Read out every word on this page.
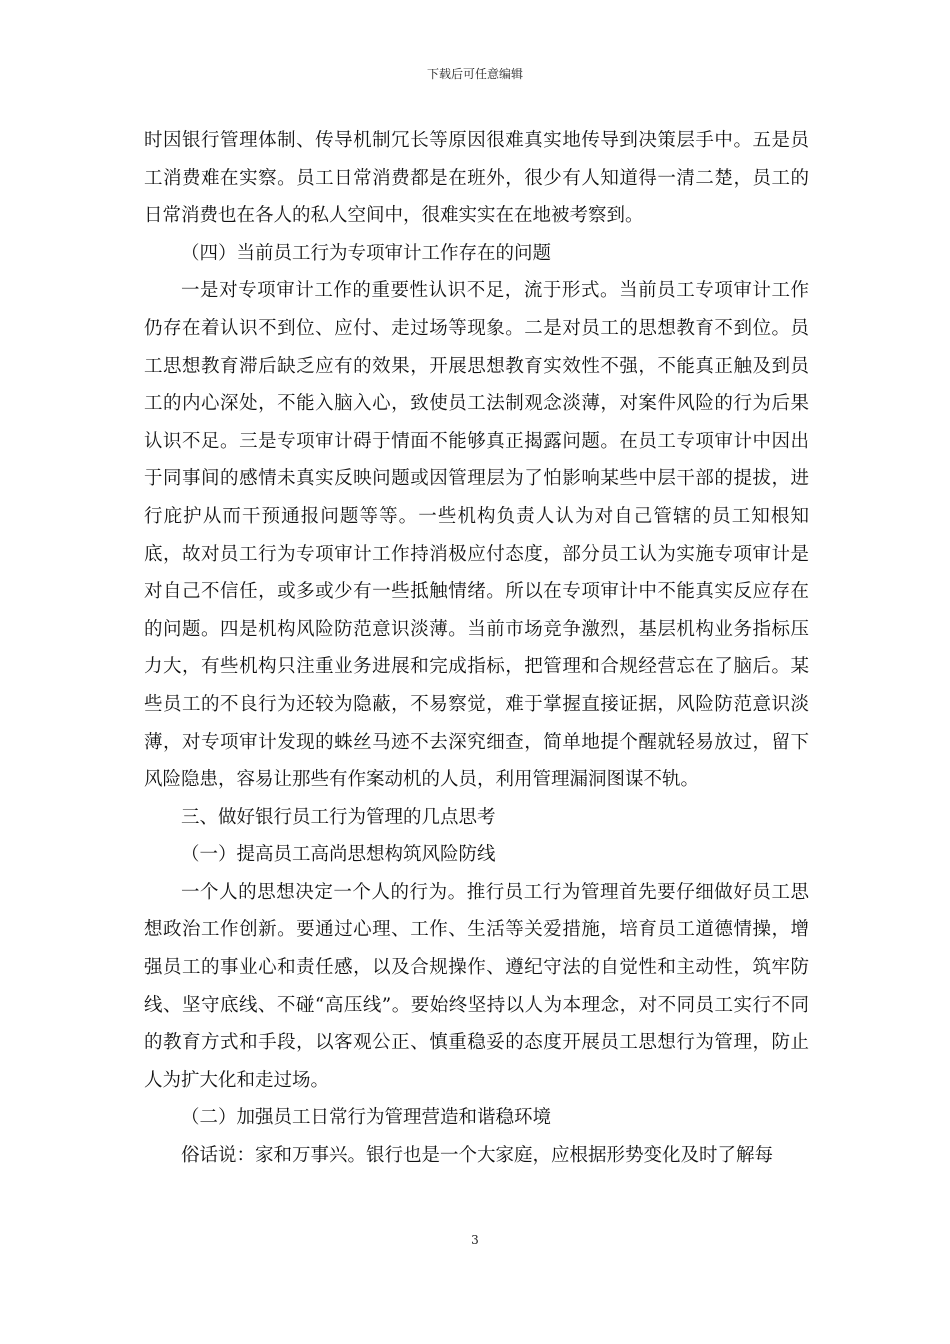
下载后可任意编辑

时因银行管理体制、传导机制冗长等原因很难真实地传导到决策层手中。五是员工消费难在实察。员工日常消费都是在班外，很少有人知道得一清二楚，员工的日常消费也在各人的私人空间中，很难实实在在地被考察到。

（四）当前员工行为专项审计工作存在的问题

一是对专项审计工作的重要性认识不足，流于形式。当前员工专项审计工作仍存在着认识不到位、应付、走过场等现象。二是对员工的思想教育不到位。员工思想教育滞后缺乏应有的效果，开展思想教育实效性不强，不能真正触及到员工的内心深处，不能入脑入心，致使员工法制观念淡薄，对案件风险的行为后果认识不足。三是专项审计碍于情面不能够真正揭露问题。在员工专项审计中因出于同事间的感情未真实反映问题或因管理层为了怕影响某些中层干部的提拔，进行庇护从而干预通报问题等等。一些机构负责人认为对自己管辖的员工知根知底，故对员工行为专项审计工作持消极应付态度，部分员工认为实施专项审计是对自己不信任，或多或少有一些抵触情绪。所以在专项审计中不能真实反应存在的问题。四是机构风险防范意识淡薄。当前市场竞争激烈，基层机构业务指标压力大，有些机构只注重业务进展和完成指标，把管理和合规经营忘在了脑后。某些员工的不良行为还较为隐蔽，不易察觉，难于掌握直接证据，风险防范意识淡薄，对专项审计发现的蛛丝马迹不去深究细查，简单地提个醒就轻易放过，留下风险隐患，容易让那些有作案动机的人员，利用管理漏洞图谋不轨。

三、做好银行员工行为管理的几点思考

（一）提高员工高尚思想构筑风险防线

一个人的思想决定一个人的行为。推行员工行为管理首先要仔细做好员工思想政治工作创新。要通过心理、工作、生活等关爱措施，培育员工道德情操，增强员工的事业心和责任感，以及合规操作、遵纪守法的自觉性和主动性，筑牢防线、坚守底线、不碰“高压线”。要始终坚持以人为本理念，对不同员工实行不同的教育方式和手段，以客观公正、慎重稳妥的态度开展员工思想行为管理，防止人为扩大化和走过场。

（二）加强员工日常行为管理营造和谐稳环境

俗话说：家和万事兴。银行也是一个大家庭，应根据形势变化及时了解每

3
